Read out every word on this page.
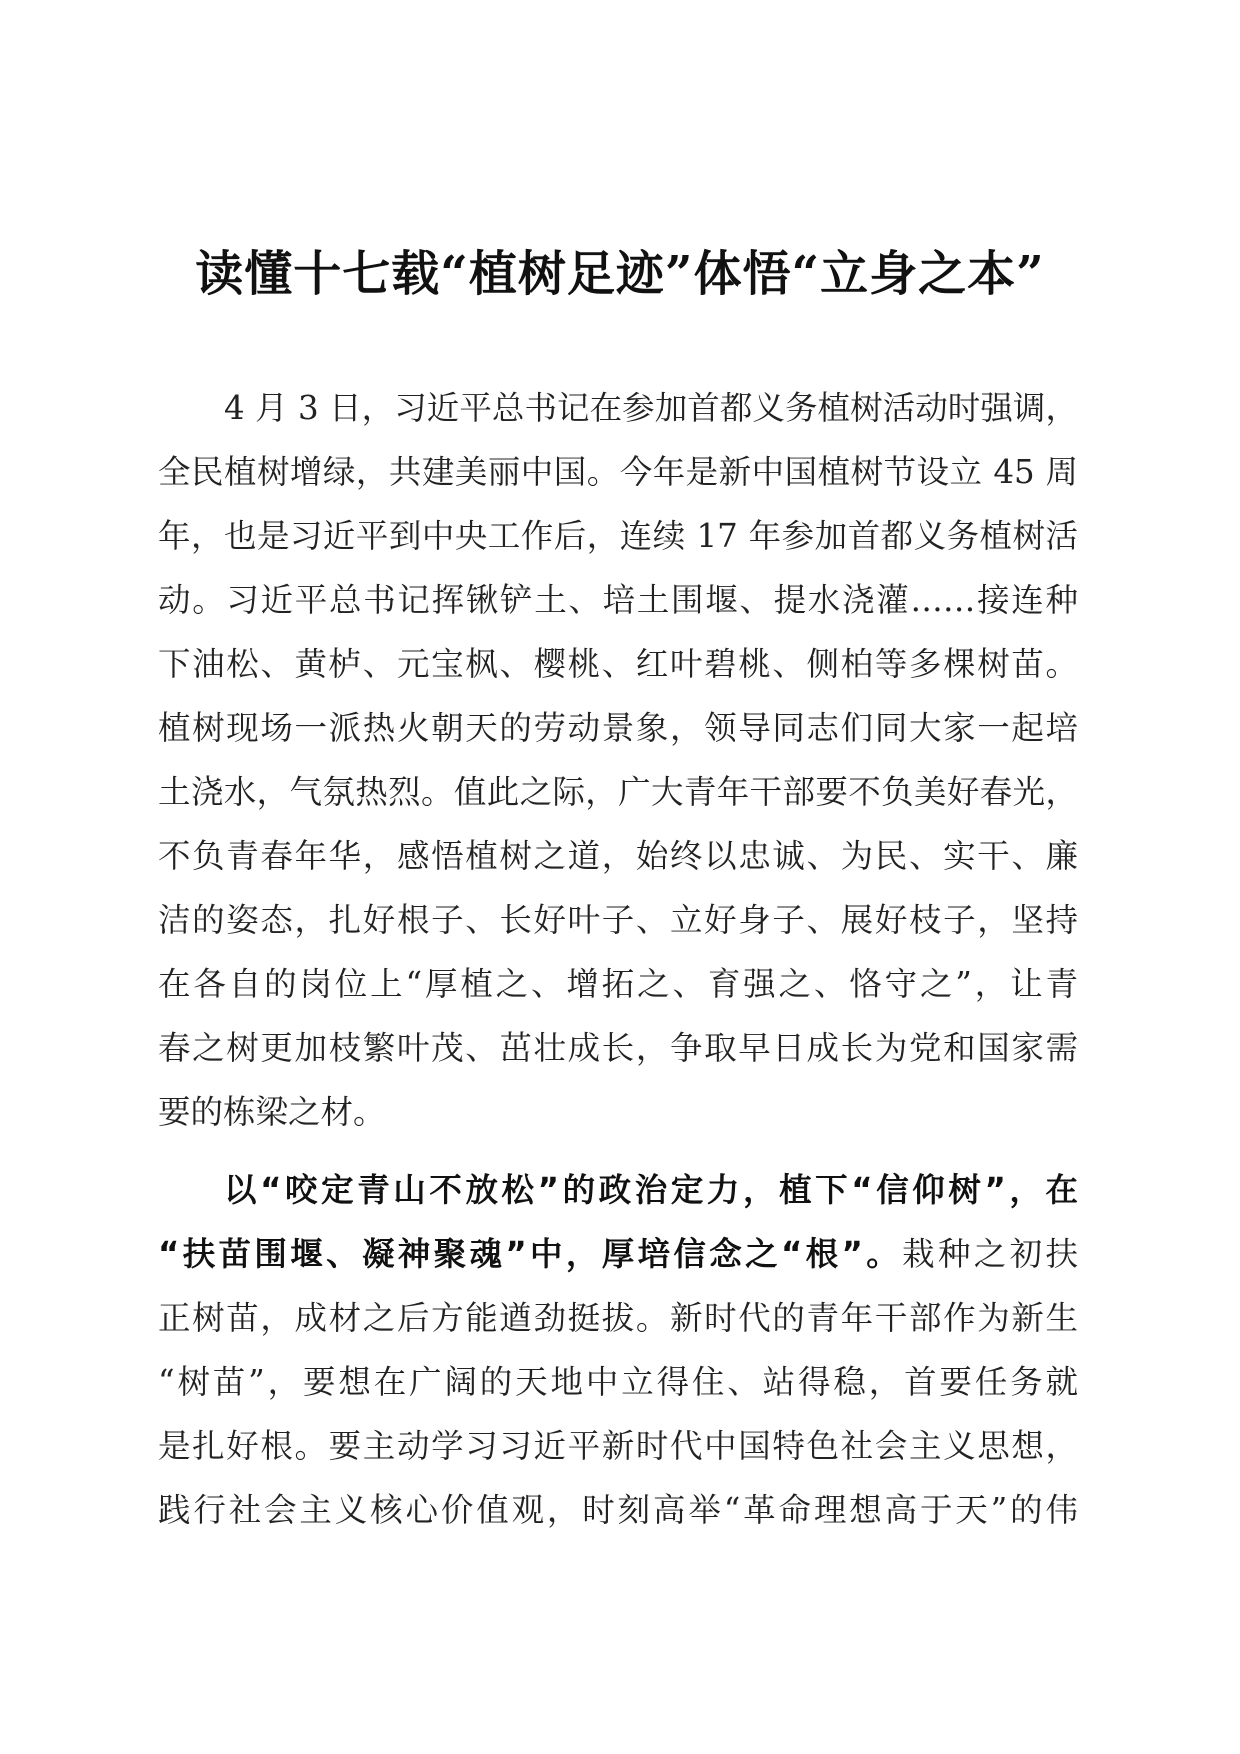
读懂十七载“植树足迹”体悟“立身之本”
4 月 3 日，习近平总书记在参加首都义务植树活动时强调，
全民植树增绿，共建美丽中国。今年是新中国植树节设立 45 周
年，也是习近平到中央工作后，连续 17 年参加首都义务植树活
动。习近平总书记挥锹铲土、培土围堰、提水浇灌……接连种
下油松、黄栌、元宝枫、樱桃、红叶碧桃、侧柏等多棵树苗。
植树现场一派热火朝天的劳动景象，领导同志们同大家一起培
土浇水，气氛热烈。值此之际，广大青年干部要不负美好春光，
不负青春年华，感悟植树之道，始终以忠诚、为民、实干、廉
洁的姿态，扎好根子、长好叶子、立好身子、展好枝子，坚持
在各自的岗位上“厚植之、增拓之、育强之、恪守之”，让青
春之树更加枝繁叶茂、茁壮成长，争取早日成长为党和国家需
要的栋梁之材。
以“咬定青山不放松”的政治定力，植下“信仰树”，在
“扶苗围堰、凝神聚魂”中，厚培信念之“根”。栽种之初扶
正树苗，成材之后方能遒劲挺拔。新时代的青年干部作为新生
“树苗”，要想在广阔的天地中立得住、站得稳，首要任务就
是扎好根。要主动学习习近平新时代中国特色社会主义思想，
践行社会主义核心价值观，时刻高举“革命理想高于天”的伟
